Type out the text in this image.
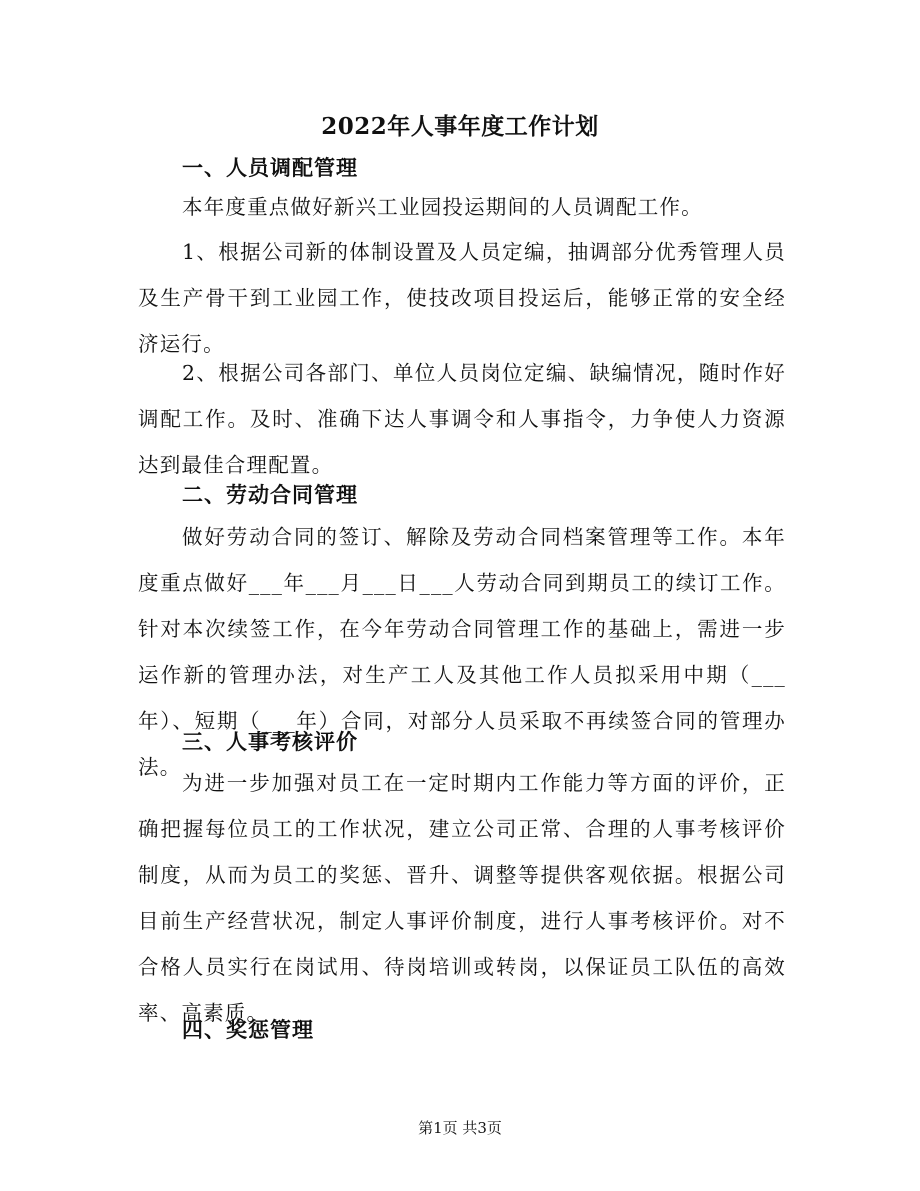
2022年人事年度工作计划
一、人员调配管理
本年度重点做好新兴工业园投运期间的人员调配工作。
1、根据公司新的体制设置及人员定编，抽调部分优秀管理人员及生产骨干到工业园工作，使技改项目投运后，能够正常的安全经济运行。
2、根据公司各部门、单位人员岗位定编、缺编情况，随时作好调配工作。及时、准确下达人事调令和人事指令，力争使人力资源达到最佳合理配置。
二、劳动合同管理
做好劳动合同的签订、解除及劳动合同档案管理等工作。本年度重点做好___年___月___日___人劳动合同到期员工的续订工作。针对本次续签工作，在今年劳动合同管理工作的基础上，需进一步运作新的管理办法，对生产工人及其他工作人员拟采用中期（___年）、短期（___年）合同，对部分人员采取不再续签合同的管理办法。
三、人事考核评价
为进一步加强对员工在一定时期内工作能力等方面的评价，正确把握每位员工的工作状况，建立公司正常、合理的人事考核评价制度，从而为员工的奖惩、晋升、调整等提供客观依据。根据公司目前生产经营状况，制定人事评价制度，进行人事考核评价。对不合格人员实行在岗试用、待岗培训或转岗，以保证员工队伍的高效率、高素质。
四、奖惩管理
第1页 共3页
